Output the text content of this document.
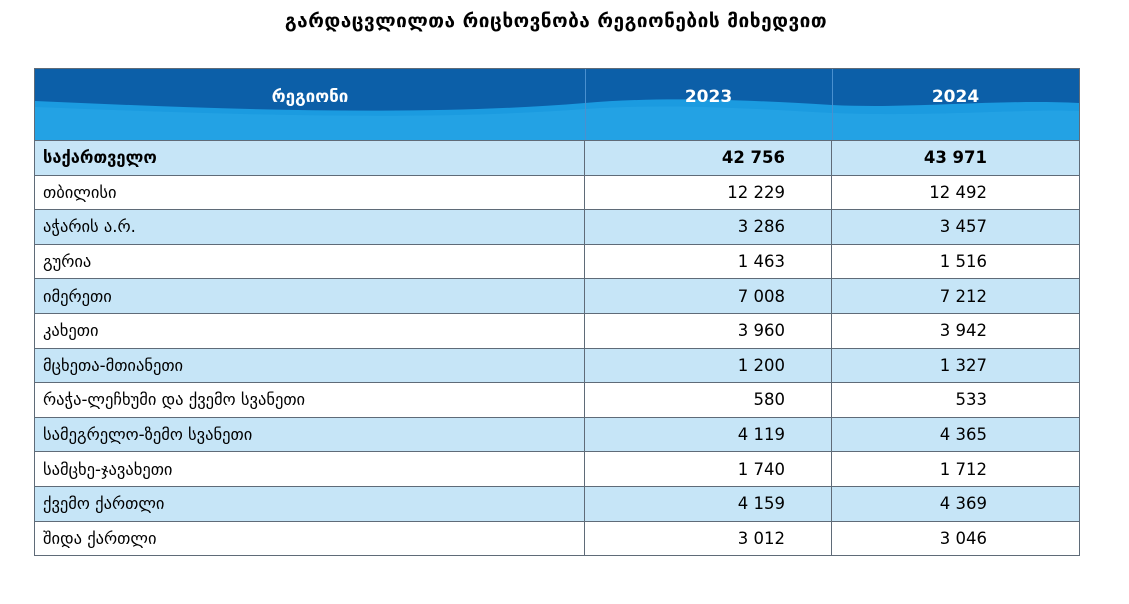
გარდაცვლილთა რიცხოვნობა რეგიონების მიხედვით
რეგიონი	2023	2024
საქართველო	42 756	43 971
თბილისი	12 229	12 492
აჭარის ა.რ.	3 286	3 457
გურია	1 463	1 516
იმერეთი	7 008	7 212
კახეთი	3 960	3 942
მცხეთა-მთიანეთი	1 200	1 327
რაჭა-ლეჩხუმი და ქვემო სვანეთი	580	533
სამეგრელო-ზემო სვანეთი	4 119	4 365
სამცხე-ჯავახეთი	1 740	1 712
ქვემო ქართლი	4 159	4 369
შიდა ქართლი	3 012	3 046
